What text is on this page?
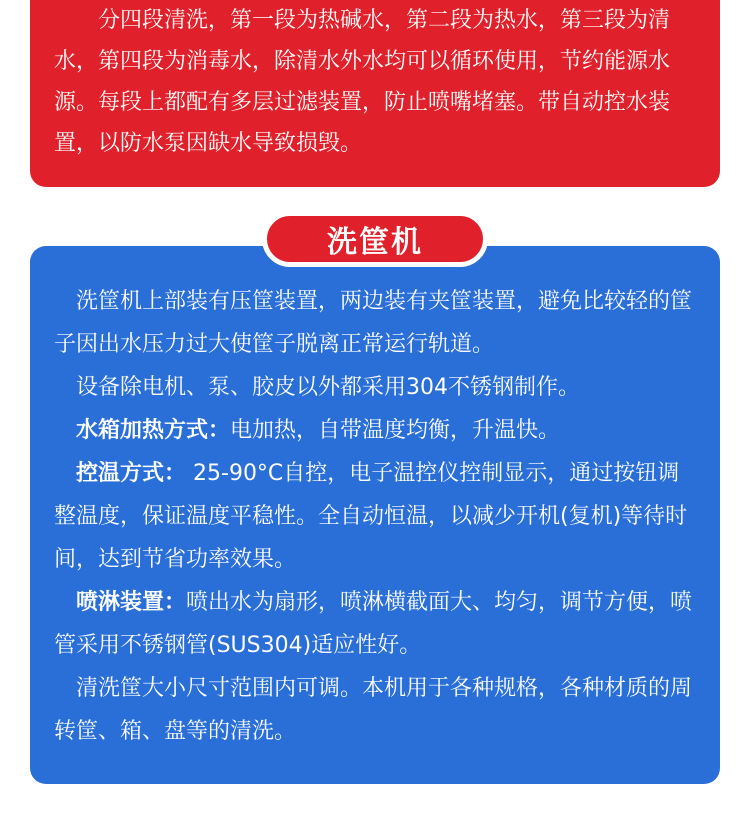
分四段清洗，第一段为热碱水，第二段为热水，第三段为清水，第四段为消毒水，除清水外水均可以循环使用，节约能源水源。每段上都配有多层过滤装置，防止喷嘴堵塞。带自动控水装置，以防水泵因缺水导致损毁。

洗筐机

洗筐机上部装有压筐装置，两边装有夹筐装置，避免比较轻的筐子因出水压力过大使筐子脱离正常运行轨道。

设备除电机、泵、胶皮以外都采用304不锈钢制作。

水箱加热方式：电加热，自带温度均衡，升温快。

控温方式： 25-90°C自控，电子温控仪控制显示，通过按钮调整温度，保证温度平稳性。全自动恒温，以减少开机(复机)等待时间，达到节省功率效果。

喷淋装置：喷出水为扇形，喷淋横截面大、均匀，调节方便，喷管采用不锈钢管(SUS304)适应性好。

清洗筐大小尺寸范围内可调。本机用于各种规格，各种材质的周转筐、箱、盘等的清洗。
